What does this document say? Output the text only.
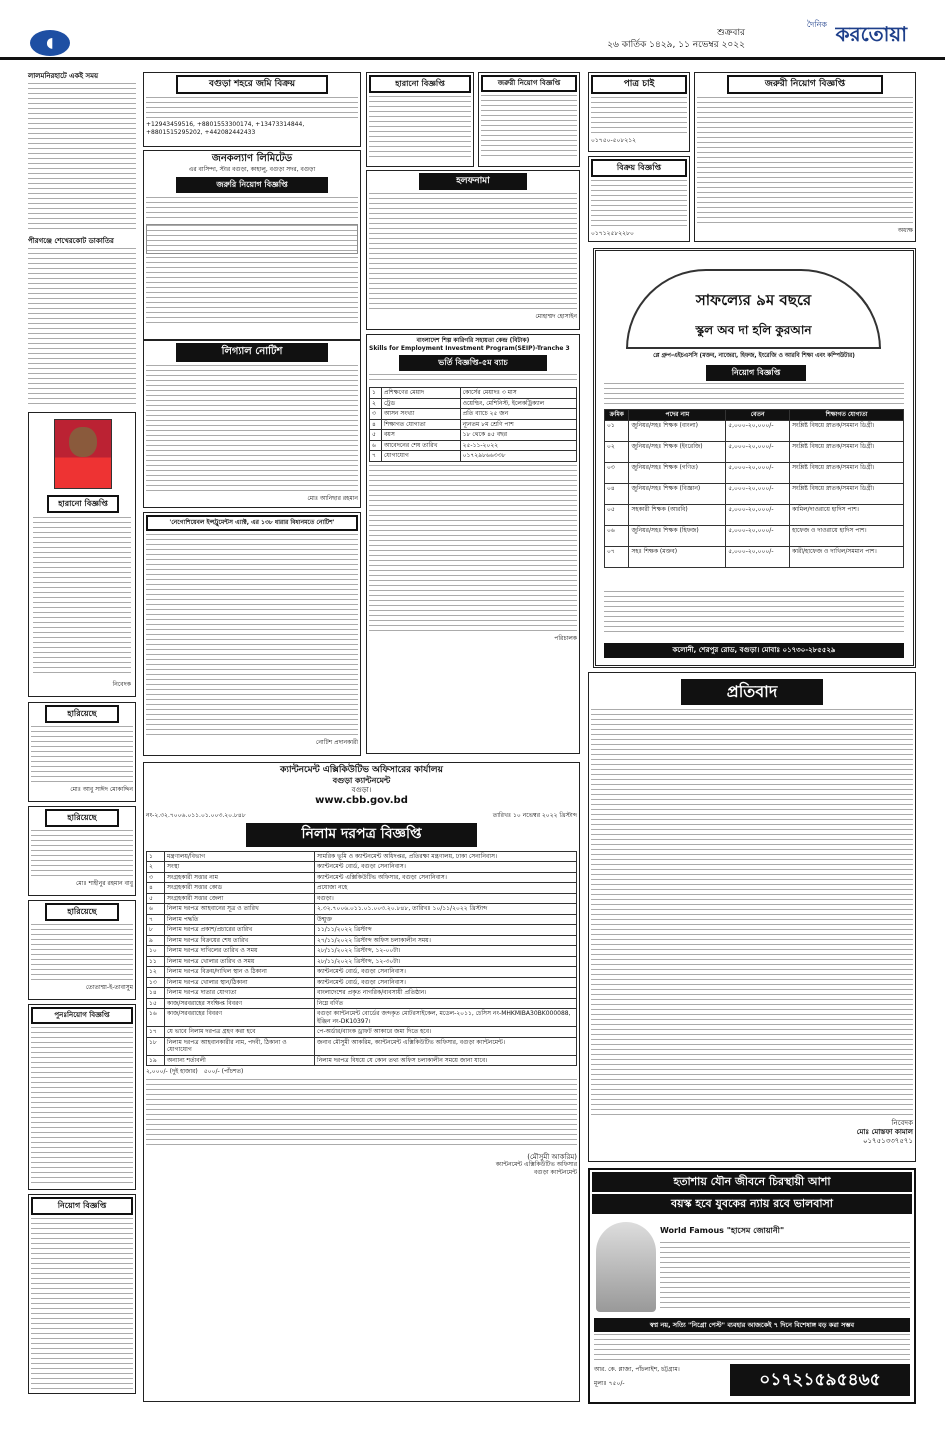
◖
শুক্রবার
২৬ কার্তিক ১৪২৯, ১১ নভেম্বর ২০২২
দৈনিক করতোয়া
লালমনিরহাটে একই সময়
পীরগঞ্জে শেখেরকোট ডাকাতির
হারানো বিজ্ঞপ্তি
নিবেদক
হারিয়েছে
মোঃ আবু সাঈদ মোকাদ্দিন
হারিয়েছে
মোঃ শাহীনুর রহমান বাবু
হারিয়েছে
তোতাম্মা-ই-তাবাসুম
পুনঃনিয়োগ বিজ্ঞপ্তি
নিয়োগ বিজ্ঞপ্তি
বগুড়া শহরে জমি বিক্রয়
+12943459516, +8801553300174, +13473314844, +8801515295202, +442082442433
জনকল্যাণ লিমিটেড
এর বাসিন্দা, স্টার বগুড়া, কাহালু, বগুড়া সদর, বগুড়া
জরুরি নিয়োগ বিজ্ঞপ্তি
হারানো বিজ্ঞপ্তি	জরুরী নিয়োগ বিজ্ঞপ্তি
হলফনামা
মোহাম্মদ হোসাইন
লিগ্যাল নোটিশ
মোঃ আনিছার রহমান
'নেগোশিয়েবল ইন্সট্রুমেন্টস এ্যাক্ট, এর ১৩৮ ধারার বিধানমতে নোটিশ'
নোটিশ প্রদানকারী
বাংলাদেশ শিল্প কারিগরি সহায়তা কেন্দ্র (বিটাক)
Skills for Employment Investment Program(SEIP)-Tranche 3
ভর্তি বিজ্ঞপ্তি-৫ম ব্যাচ
১	প্রশিক্ষণের মেয়াদ	কোর্সের মেয়াদঃ ৩ মাস
২	ট্রেড	ওয়েল্ডিং, মেশিনিস্ট, ইলেকট্রিক্যাল
৩	আসন সংখ্যা	প্রতি ব্যাচে ২৫ জন
৪	শিক্ষাগত যোগ্যতা	ন্যূনতম ৮ম শ্রেণি পাশ
৫	বয়স	১৮ থেকে ৪৫ বছর
৬	আবেদনের শেষ তারিখ	২৫-১১-২০২২
৭	যোগাযোগ	০১৭২৯৮৬৬৩৩৮
পরিচালক
পাত্র চাই
০১৭৫০-৫০৮২১২
বিক্রয় বিজ্ঞপ্তি
০১৭১২৫৮২২৮০
জরুরী নিয়োগ বিজ্ঞপ্তি
অধ্যক্ষ
সাফল্যের ৯ম বছরে
স্কুল অব দা হলি কুরআন
প্লে গ্রুপ-এইচএসসি (মক্তব, নাজেরা, হিফজ, ইংরেজি ও আরবি শিক্ষা এবং কম্পিউটার)
নিয়োগ বিজ্ঞপ্তি
ক্রমিক	পদের নাম	বেতন	শিক্ষাগত যোগ্যতা
০১	জুনিয়র/সহঃ শিক্ষক (বাংলা)	৫,০০০-২০,০০০/-	সংশ্লিষ্ট বিষয়ে স্নাতক/সমমান ডিগ্রী।
০২	জুনিয়র/সহঃ শিক্ষক (ইংরেজি)	৫,০০০-২০,০০০/-	সংশ্লিষ্ট বিষয়ে স্নাতক/সমমান ডিগ্রী।
০৩	জুনিয়র/সহঃ শিক্ষক (গণিত)	৫,০০০-২০,০০০/-	সংশ্লিষ্ট বিষয়ে স্নাতক/সমমান ডিগ্রী।
০৪	জুনিয়র/সহঃ শিক্ষক (বিজ্ঞান)	৫,০০০-২০,০০০/-	সংশ্লিষ্ট বিষয়ে স্নাতক/সমমান ডিগ্রী।
০৫	সহকারী শিক্ষক (আরবি)	৫,০০০-২০,০০০/-	কামিল/দাওরায়ে হাদিস পাশ।
০৬	জুনিয়র/সহঃ শিক্ষক (হিফজ)	৫,০০০-২০,০০০/-	হাফেজ ও দাওরায়ে হাদিস পাশ।
০৭	সহঃ শিক্ষক (মক্তব)	৫,০০০-২০,০০০/-	কারী/হাফেজ ও দাখিল/সমমান পাশ।
কলোনী, শেরপুর রোড, বগুড়া। মোবাঃ ০১৭৩০-২৮৫৫২৯
ক্যান্টনমেন্ট এক্সিকিউটিভ অফিসারের কার্যালয়
বগুড়া ক্যান্টনমেন্ট
বগুড়া।
www.cbb.gov.bd
নং-২.৩২.৭০০৬.০১১.০১.০০৩.২০.৮৪৮	তারিখঃ ১০ নভেম্বর ২০২২ খ্রিস্টাব্দ
নিলাম দরপত্র বিজ্ঞপ্তি
১	মন্ত্রণালয়/বিভাগ	সামরিক ভূমি ও ক্যান্টনমেন্ট অধিদপ্তর, প্রতিরক্ষা মন্ত্রণালয়, ঢাকা সেনানিবাস।
২	সংস্থা	ক্যান্টনমেন্ট বোর্ড, বগুড়া সেনানিবাস।
৩	সংগ্রহকারী সত্তার নাম	ক্যান্টনমেন্ট এক্সিকিউটিভ অফিসার, বগুড়া সেনানিবাস।
৪	সংগ্রহকারী সত্তার কোড	প্রযোজ্য নহে
৫	সংগ্রহকারী সত্তার জেলা	বগুড়া।
৬	নিলাম দরপত্র আহবানের সূত্র ও তারিখ	২.৩২.৭০০৬.০১১.০১.০০৩.২০.৮৪৮, তারিখঃ ১০/১১/২০২২ খ্রিস্টাব্দ
৭	নিলাম পদ্ধতি	উন্মুক্ত
৮	নিলাম দরপত্র প্রকাশ/প্রচারের তারিখ	১১/১১/২০২২ খ্রিস্টাব্দ
৯	নিলাম দরপত্র বিক্রয়ের শেষ তারিখ	২৭/১১/২০২২ খ্রিস্টাব্দ অফিস চলাকালীন সময়।
১০	নিলাম দরপত্র দাখিলের তারিখ ও সময়	২৮/১১/২০২২ খ্রিস্টাব্দ, ১২-০০টা।
১১	নিলাম দরপত্র খোলার তারিখ ও সময়	২৮/১১/২০২২ খ্রিস্টাব্দ, ১২-৩০টা।
১২	নিলাম দরপত্র বিক্রয়/দাখিল স্থান ও ঠিকানা	ক্যান্টনমেন্ট বোর্ড, বগুড়া সেনানিবাস।
১৩	নিলাম দরপত্র খোলার স্থান/ঠিকানা	ক্যান্টনমেন্ট বোর্ড, বগুড়া সেনানিবাস।
১৪	নিলাম দরপত্র দাতার যোগ্যতা	বাংলাদেশের প্রকৃত নাগরিক/ব্যবসায়ী প্রতিষ্ঠান।
১৫	কাজ/সরবরাহের সংক্ষিপ্ত বিবরণ	নিম্নে বর্ণিত
১৬	কাজ/সরবরাহের বিবরণ	বগুড়া ক্যান্টনমেন্ট বোর্ডের জব্দকৃত মোটরসাইকেল, মডেল-২০১১, চেসিস নং-MHKMIBA30BK000088, ইঞ্জিন নং-DK10397।
১৭	যে ভাবে নিলাম দরপত্র গ্রহণ করা হবে	পে-অর্ডার/ব্যাংক ড্রাফট আকারে জমা দিতে হবে।
১৮	নিলাম দরপত্র আহবানকারীর নাম, পদবী, ঠিকানা ও যোগাযোগ	জনাব মৌসুমী আকরিম, ক্যান্টনমেন্ট এক্সিকিউটিভ অফিসার, বগুড়া ক্যান্টনমেন্ট।
১৯	অন্যান্য শর্তাবলী	নিলাম দরপত্র বিষয়ে যে কোন তথ্য অফিস চলাকালীন সময়ে জানা যাবে।
২,০০০/- (দুই হাজার) ৫০০/- (পাঁচশত)
(মৌসুমী আকরিম)
ক্যান্টনমেন্ট এক্সিকিউটিভ অফিসার
বগুড়া ক্যান্টনমেন্ট
প্রতিবাদ
নিবেদক
মোঃ মোস্তফা কামাল
০১৭৫১৩৩৭৫৭১
হতাশায় যৌন জীবনে চিরস্থায়ী আশা
বয়স্ক হবে যুবকের ন্যায় রবে ভালবাসা
World Famous "হাসেম জোয়ানী"
স্বপ্ন নয়, সত্যি "নিগ্রো পেস্ট" ব্যবহার আজকেই ৭ দিনে বিশেষাঙ্গ বড় করা সম্ভব
আর. কে. প্লাজা, পাঁচলাইশ, চট্টগ্রাম।
মূল্যঃ ৭৫০/-	০১৭২১৫৯৫৪৬৫
